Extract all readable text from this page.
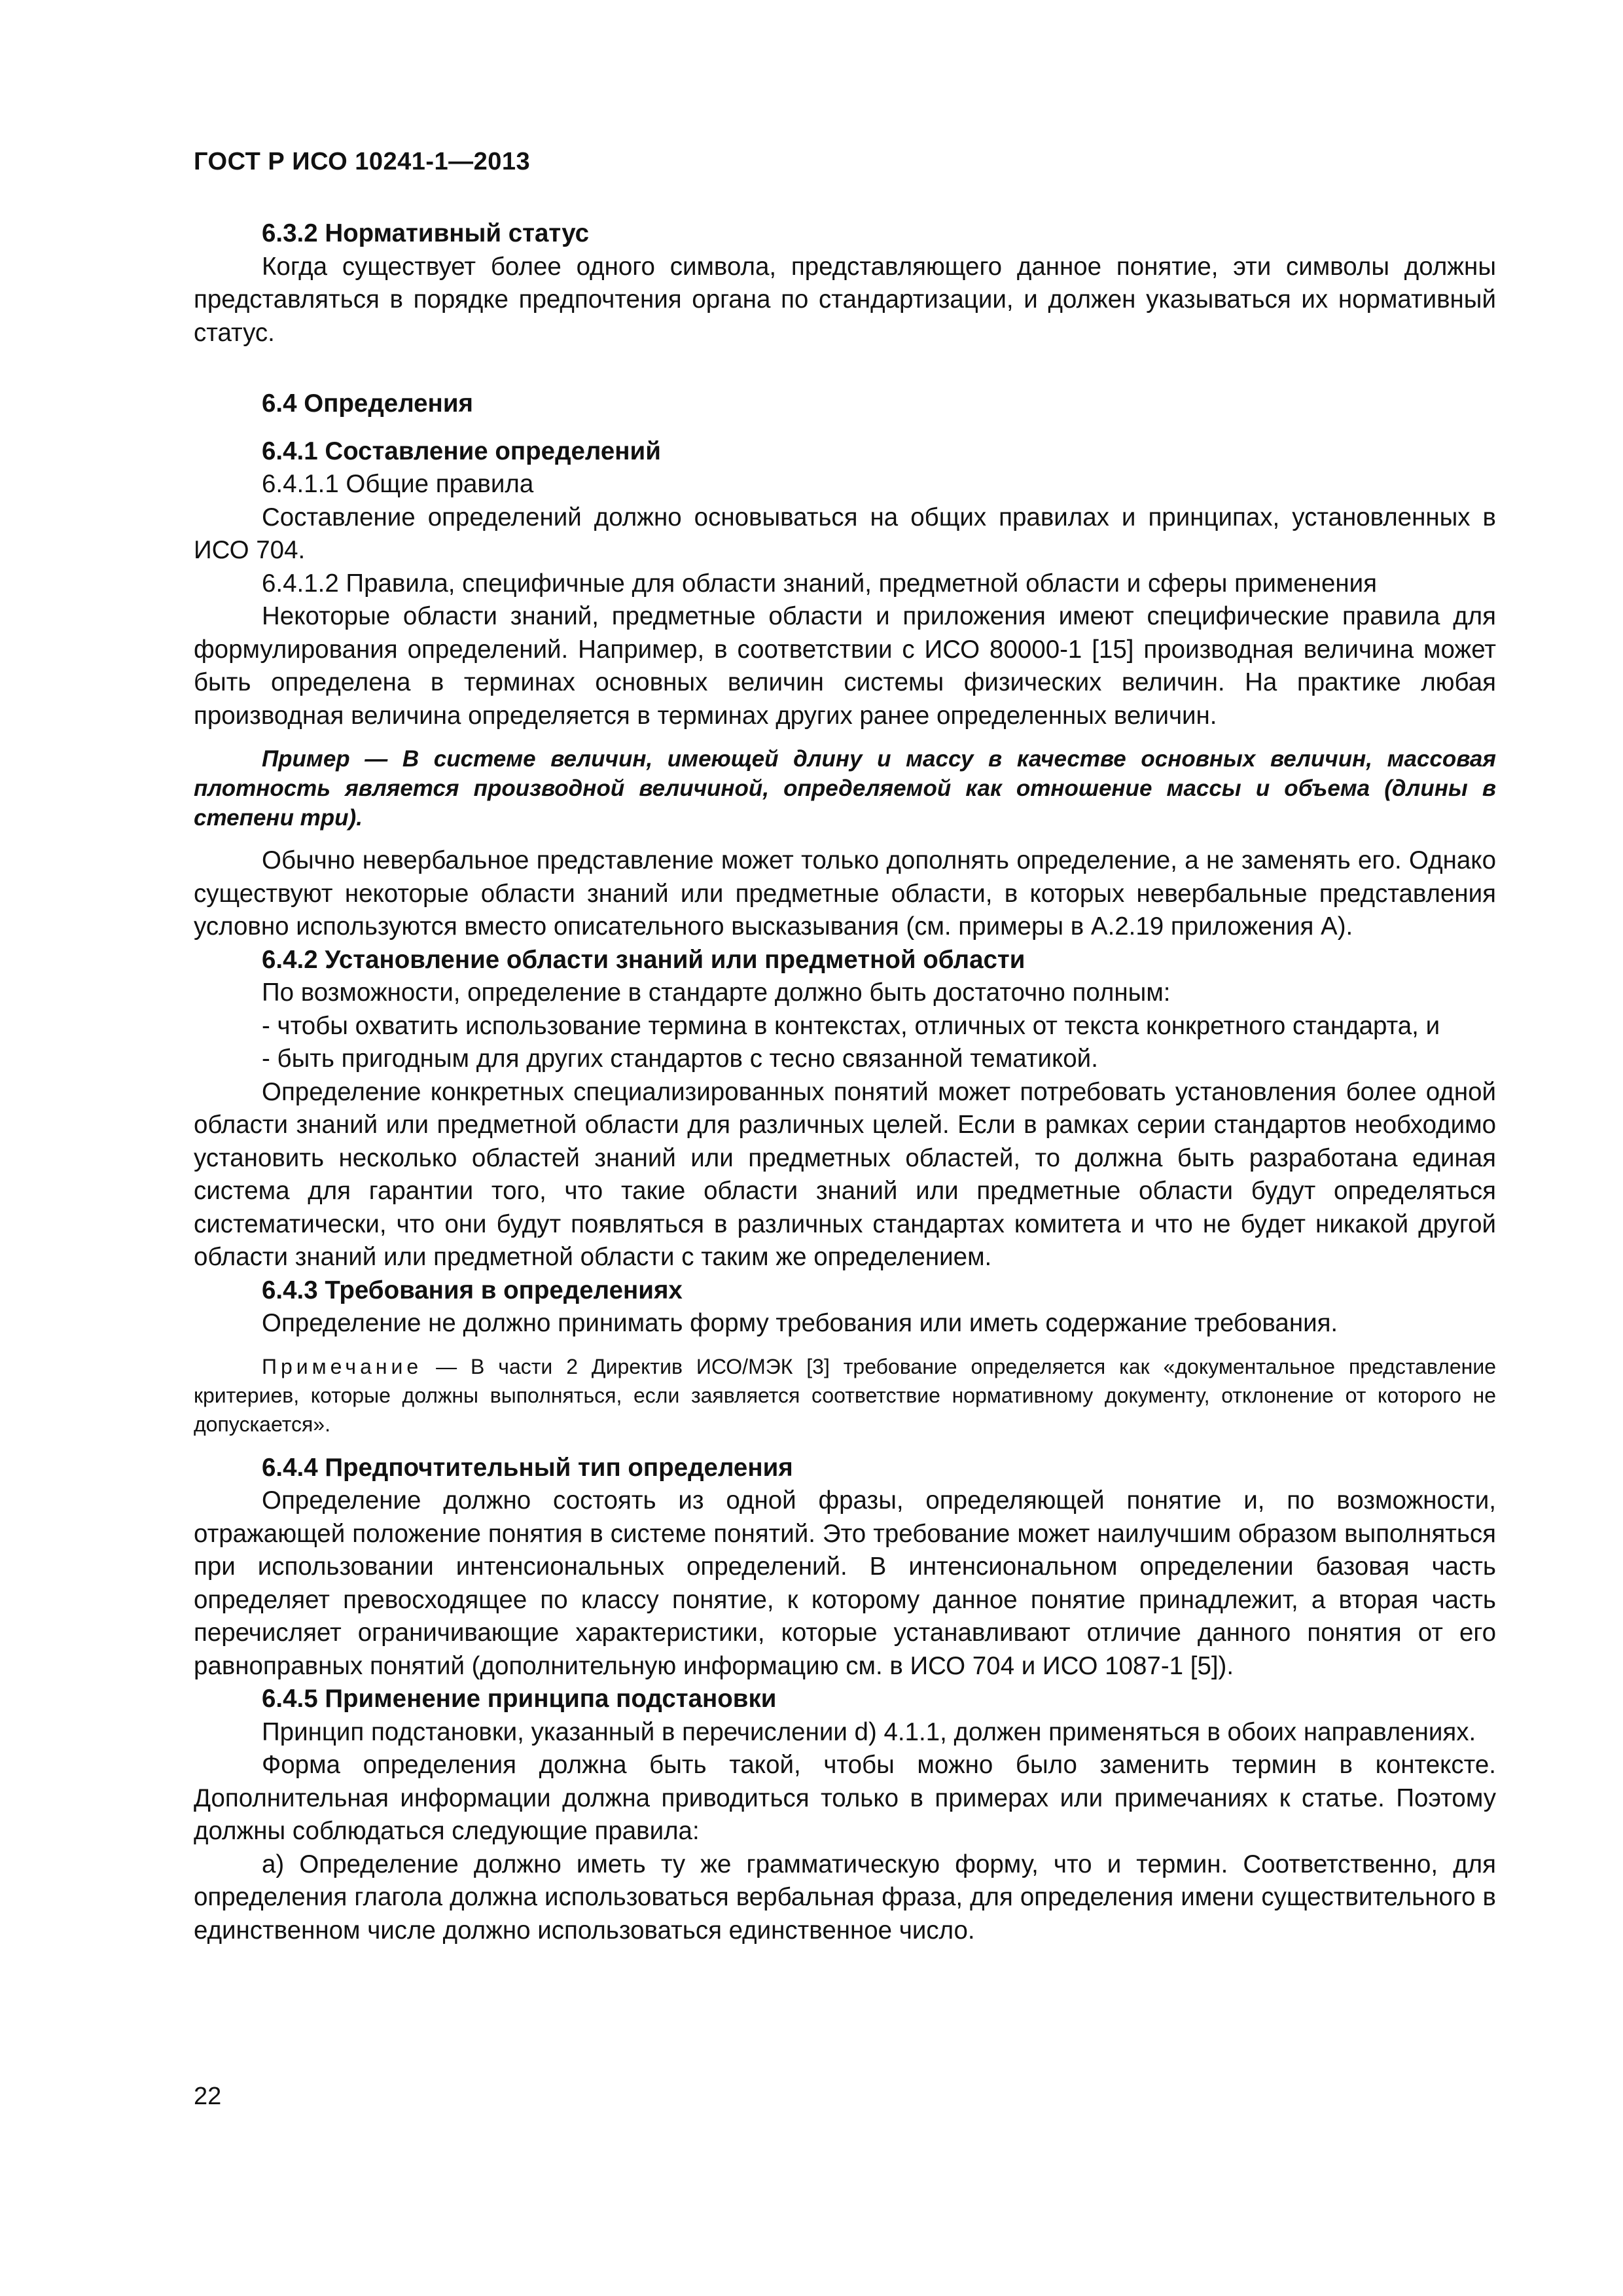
ГОСТ Р ИСО 10241-1—2013
6.3.2 Нормативный статус

Когда существует более одного символа, представляющего данное понятие, эти символы должны представляться в порядке предпочтения органа по стандартизации, и должен указываться их нормативный статус.

6.4 Определения
6.4.1 Составление определений
6.4.1.1 Общие правила

Составление определений должно основываться на общих правилах и принципах, установленных в ИСО 704.

6.4.1.2 Правила, специфичные для области знаний, предметной области и сферы применения

Некоторые области знаний, предметные области и приложения имеют специфические правила для формулирования определений. Например, в соответствии с ИСО 80000-1 [15] производная величина может быть определена в терминах основных величин системы физических величин. На практике любая производная величина определяется в терминах других ранее определенных величин.

Пример — В системе величин, имеющей длину и массу в качестве основных величин, массовая плотность является производной величиной, определяемой как отношение массы и объема (длины в степени три).

Обычно невербальное представление может только дополнять определение, а не заменять его. Однако существуют некоторые области знаний или предметные области, в которых невербальные представления условно используются вместо описательного высказывания (см. примеры в А.2.19 приложения А).

6.4.2 Установление области знаний или предметной области

По возможности, определение в стандарте должно быть достаточно полным:

- чтобы охватить использование термина в контекстах, отличных от текста конкретного стандарта, и
- быть пригодным для других стандартов с тесно связанной тематикой.

Определение конкретных специализированных понятий может потребовать установления более одной области знаний или предметной области для различных целей. Если в рамках серии стандартов необходимо установить несколько областей знаний или предметных областей, то должна быть разработана единая система для гарантии того, что такие области знаний или предметные области будут определяться систематически, что они будут появляться в различных стандартах комитета и что не будет никакой другой области знаний или предметной области с таким же определением.

6.4.3 Требования в определениях

Определение не должно принимать форму требования или иметь содержание требования.

Примечание — В части 2 Директив ИСО/МЭК [3] требование определяется как «документальное представление критериев, которые должны выполняться, если заявляется соответствие нормативному документу, отклонение от которого не допускается».
6.4.4 Предпочтительный тип определения

Определение должно состоять из одной фразы, определяющей понятие и, по возможности, отражающей положение понятия в системе понятий. Это требование может наилучшим образом выполняться при использовании интенсиональных определений. В интенсиональном определении базовая часть определяет превосходящее по классу понятие, к которому данное понятие принадлежит, а вторая часть перечисляет ограничивающие характеристики, которые устанавливают отличие данного понятия от его равноправных понятий (дополнительную информацию см. в ИСО 704 и ИСО 1087-1 [5]).

6.4.5 Применение принципа подстановки

Принцип подстановки, указанный в перечислении d) 4.1.1, должен применяться в обоих направлениях.

Форма определения должна быть такой, чтобы можно было заменить термин в контексте. Дополнительная информации должна приводиться только в примерах или примечаниях к статье. Поэтому должны соблюдаться следующие правила:

а) Определение должно иметь ту же грамматическую форму, что и термин. Соответственно, для определения глагола должна использоваться вербальная фраза, для определения имени существительного в единственном числе должно использоваться единственное число.

22
